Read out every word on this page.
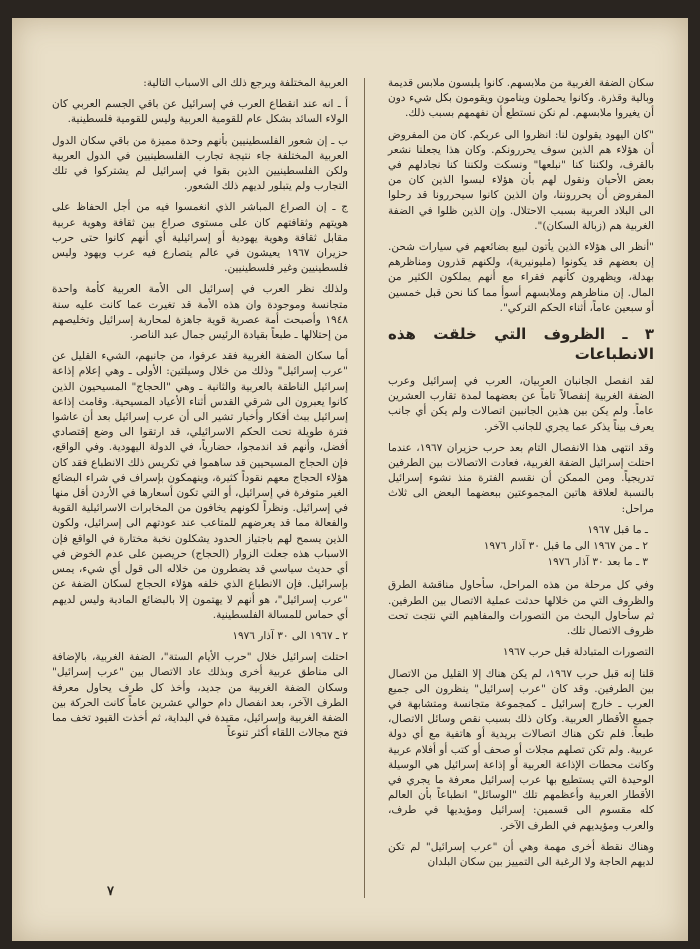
سكان الضفة الغربية من ملابسهم. كانوا يلبسون ملابس قديمة وبالية وقذرة. وكانوا يحملون وينامون ويقومون بكل شيء دون أن يغيروا ملابسهم. لم نكن نستطع أن نفهمهم بسبب ذلك.

"كان اليهود يقولون لنا: انظروا الى عربكم. كان من المفروض أن هؤلاء هم الذين سوف يحررونكم. وكان هذا يجعلنا نشعر بالقرف، ولكننا كنا "نبلعها" ونسكت ولكننا كنا نجادلهم في بعض الأحيان ونقول لهم بأن هؤلاء لبسوا الذين كان من المفروض أن يحرروننا، وان الذين كانوا سيحررونا قد رحلوا الى البلاد العربية بسبب الاحتلال. وإن الذين ظلوا في الضفة الغربية هم (زبالة السكان)".

"أنظر الى هؤلاء الذين يأتون لبيع بضائعهم في سيارات شحن. إن بعضهم قد يكونوا (مليونيرية)، ولكنهم قذرون ومناظرهم بهدلة، ويظهرون كأنهم فقراء مع أنهم يملكون الكثير من المال. إن مناظرهم وملابسهم أسوأ مما كنا نحن قبل خمسين أو سبعين عاماً، أثناء الحكم التركي".

٣ ـ الظروف التي خلقت هذه الانطباعات

لقد انفصل الجانبان العربيان، العرب في إسرائيل وعرب الضفة الغربية إنفصالاً تاماً عن بعضهما لمدة تقارب العشرين عاماً. ولم يكن بين هذين الجانبين اتصالات ولم يكن أي جانب يعرف بيناً يذكر عما يجري للجانب الآخر.

وقد انتهى هذا الانفصال التام بعد حرب حزيران ١٩٦٧، عندما احتلت إسرائيل الضفة الغربية، فعادت الاتصالات بين الطرفين تدريجياً. ومن الممكن أن نقسم الفترة منذ نشوء إسرائيل بالنسبة لعلاقة هاتين المجموعتين ببعضهما البعض الى ثلاث مراحل:

ـ ما قبل ١٩٦٧
٢ ـ من ١٩٦٧ الى ما قبل ٣٠ آذار ١٩٧٦
٣ ـ ما بعد ٣٠ آذار ١٩٧٦

وفي كل مرحلة من هذه المراحل، سأحاول مناقشة الطرق والظروف التي من خلالها حدثت عملية الاتصال بين الطرفين. ثم سأحاول البحث من التصورات والمفاهيم التي نتجت تحت ظروف الاتصال تلك.

التصورات المتبادلة قبل حرب ١٩٦٧

قلنا إنه قبل حرب ١٩٦٧، لم يكن هناك إلا القليل من الاتصال بين الطرفين. وقد كان "عرب إسرائيل" ينظرون الى جميع العرب ـ خارج إسرائيل ـ كمجموعة متجانسة ومتشابهة في جميع الأقطار العربية. وكان ذلك بسبب نقص وسائل الاتصال، طبعاً. فلم تكن هناك اتصالات بريدية أو هاتفية مع أي دولة عربية. ولم تكن تصلهم مجلات أو صحف أو كتب أو أفلام عربية وكانت محطات الإذاعة العربية أو إذاعة إسرائيل هي الوسيلة الوحيدة التي يستطيع بها عرب إسرائيل معرفة ما يجري في الأقطار العربية وأعظمهم تلك "الوسائل" انطباعاً بأن العالم كله مقسوم الى قسمين: إسرائيل ومؤيديها في طرف، والعرب ومؤيديهم في الطرف الآخر.

وهناك نقطة أخرى مهمة وهي أن "عرب إسرائيل" لم تكن لديهم الحاجة ولا الرغبة الى التمييز بين سكان البلدان

العربية المختلفة ويرجع ذلك الى الاسباب التالية:

أ ـ انه عند انقطاع العرب في إسرائيل عن باقي الجسم العربي كان الولاء السائد بشكل عام للقومية العربية وليس للقومية فلسطينية.

ب ـ إن شعور الفلسطينيين بأنهم وحدة مميزة من باقي سكان الدول العربية المختلفة جاء نتيجة تجارب الفلسطينيين في الدول العربية ولكن الفلسطينيين الذين بقوا في إسرائيل لم يشتركوا في تلك التجارب ولم يتبلور لديهم ذلك الشعور.

ج ـ إن الصراع المباشر الذي انغمسوا فيه من أجل الحفاظ على هويتهم وثقافتهم كان على مستوى صراع بين ثقافة وهوية عربية مقابل ثقافة وهوية يهودية أو إسرائيلية أي أنهم كانوا حتى حرب حزيران ١٩٦٧ يعيشون في عالم يتصارع فيه عرب ويهود وليس فلسطينيين وغير فلسطينيين.

ولذلك نظر العرب في إسرائيل الى الأمة العربية كأمة واحدة متجانسة وموجودة وان هذه الأمة قد تغيرت عما كانت عليه سنة ١٩٤٨ وأصبحت أمة عصرية قوية جاهزة لمحاربة إسرائيل وتخليصهم من إحتلالها ـ طبعاً بقيادة الرئيس جمال عبد الناصر.

أما سكان الضفة الغربية فقد عرفوا، من جانبهم، الشيء القليل عن "عرب إسرائيل" وذلك من خلال وسيلتين: الأولى ـ وهي إعلام إذاعة إسرائيل الناطقة بالعربية والثانية ـ وهي "الحجاج" المسيحيون الذين كانوا يعبرون الى شرقي القدس أثناء الأعياد المسيحية. وقامت إذاعة إسرائيل ببث أفكار وأخبار تشير الى أن عرب إسرائيل بعد أن عاشوا فترة طويلة تحت الحكم الاسرائيلي، قد ارتقوا الى وضع إقتصادي أفضل، وأنهم قد اندمجوا، حضارياً، في الدولة اليهودية. وفي الواقع، فإن الحجاج المسيحيين قد ساهموا في تكريس ذلك الانطباع فقد كان هؤلاء الحجاج معهم نقوداً كثيرة، وينهمكون بإسراف في شراء البضائع الغير متوفرة في إسرائيل، أو التي تكون أسعارها في الأردن أقل منها في إسرائيل. ونظراً لكونهم يخافون من المخابرات الاسرائيلية القوية والفعالة مما قد يعرضهم للمتاعب عند عودتهم الى إسرائيل، ولكون الذين يسمح لهم باجتياز الحدود يشكلون نخبة مختارة في الواقع فإن الاسباب هذه جعلت الزوار (الحجاج) حريصين على عدم الخوض في أي حديث سياسي قد يضطرون من خلاله الى قول أي شيء، يمس بإسرائيل. فإن الانطباع الذي خلفه هؤلاء الحجاج لسكان الضفة عن "عرب إسرائيل"، هو أنهم لا يهتمون إلا بالبضائع المادية وليس لديهم أي حماس للمسالة الفلسطينية.

٢ ـ ١٩٦٧ الى ٣٠ آذار ١٩٧٦

احتلت إسرائيل خلال "حرب الأيام الستة"، الضفة الغربية، بالإضافة الى مناطق عربية أخرى وبذلك عاد الاتصال بين "عرب إسرائيل" وسكان الضفة الغربية من جديد، وأخذ كل طرف يحاول معرفة الطرف الآخر، بعد انفصال دام حوالي عشرين عاماً كانت الحركة بين الضفة الغربية وإسرائيل، مقيدة في البداية، ثم أخذت القيود تخف مما فتح مجالات اللقاء أكثر تنوعاً

٧
